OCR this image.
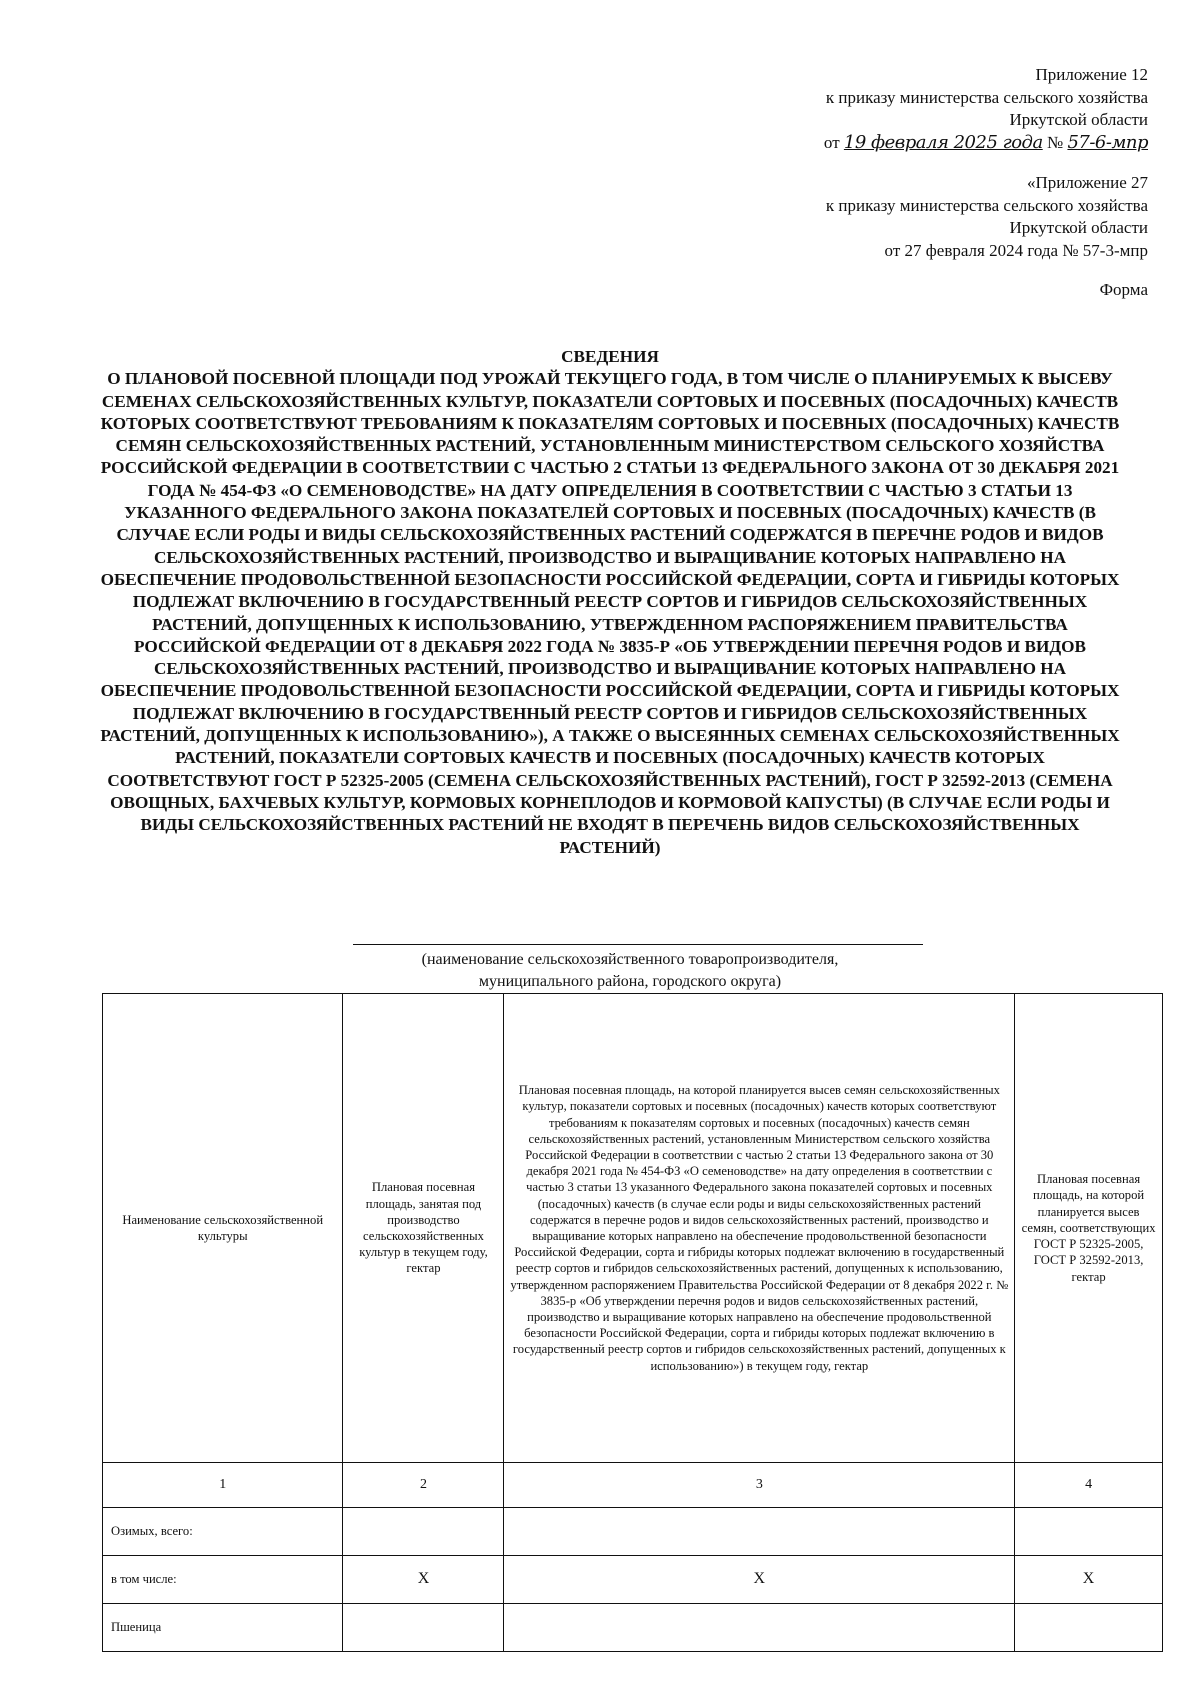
Приложение 12
к приказу министерства сельского хозяйства
Иркутской области
от 19 февраля 2025 года № 57-6-мпр
«Приложение 27
к приказу министерства сельского хозяйства
Иркутской области
от 27 февраля 2024 года № 57-3-мпр
Форма
СВЕДЕНИЯ
О ПЛАНОВОЙ ПОСЕВНОЙ ПЛОЩАДИ ПОД УРОЖАЙ ТЕКУЩЕГО ГОДА, В ТОМ ЧИСЛЕ О ПЛАНИРУЕМЫХ К ВЫСЕВУ СЕМЕНАХ СЕЛЬСКОХОЗЯЙСТВЕННЫХ КУЛЬТУР, ПОКАЗАТЕЛИ СОРТОВЫХ И ПОСЕВНЫХ (ПОСАДОЧНЫХ) КАЧЕСТВ КОТОРЫХ СООТВЕТСТВУЮТ ТРЕБОВАНИЯМ К ПОКАЗАТЕЛЯМ СОРТОВЫХ И ПОСЕВНЫХ (ПОСАДОЧНЫХ) КАЧЕСТВ СЕМЯН СЕЛЬСКОХОЗЯЙСТВЕННЫХ РАСТЕНИЙ, УСТАНОВЛЕННЫМ МИНИСТЕРСТВОМ СЕЛЬСКОГО ХОЗЯЙСТВА РОССИЙСКОЙ ФЕДЕРАЦИИ В СООТВЕТСТВИИ С ЧАСТЬЮ 2 СТАТЬИ 13 ФЕДЕРАЛЬНОГО ЗАКОНА ОТ 30 ДЕКАБРЯ 2021 ГОДА № 454-ФЗ «О СЕМЕНОВОДСТВЕ» НА ДАТУ ОПРЕДЕЛЕНИЯ В СООТВЕТСТВИИ С ЧАСТЬЮ 3 СТАТЬИ 13 УКАЗАННОГО ФЕДЕРАЛЬНОГО ЗАКОНА ПОКАЗАТЕЛЕЙ СОРТОВЫХ И ПОСЕВНЫХ (ПОСАДОЧНЫХ) КАЧЕСТВ (В СЛУЧАЕ ЕСЛИ РОДЫ И ВИДЫ СЕЛЬСКОХОЗЯЙСТВЕННЫХ РАСТЕНИЙ СОДЕРЖАТСЯ В ПЕРЕЧНЕ РОДОВ И ВИДОВ СЕЛЬСКОХОЗЯЙСТВЕННЫХ РАСТЕНИЙ, ПРОИЗВОДСТВО И ВЫРАЩИВАНИЕ КОТОРЫХ НАПРАВЛЕНО НА ОБЕСПЕЧЕНИЕ ПРОДОВОЛЬСТВЕННОЙ БЕЗОПАСНОСТИ РОССИЙСКОЙ ФЕДЕРАЦИИ, СОРТА И ГИБРИДЫ КОТОРЫХ ПОДЛЕЖАТ ВКЛЮЧЕНИЮ В ГОСУДАРСТВЕННЫЙ РЕЕСТР СОРТОВ И ГИБРИДОВ СЕЛЬСКОХОЗЯЙСТВЕННЫХ РАСТЕНИЙ, ДОПУЩЕННЫХ К ИСПОЛЬЗОВАНИЮ, УТВЕРЖДЕННОМ РАСПОРЯЖЕНИЕМ ПРАВИТЕЛЬСТВА РОССИЙСКОЙ ФЕДЕРАЦИИ ОТ 8 ДЕКАБРЯ 2022 ГОДА № 3835-Р «ОБ УТВЕРЖДЕНИИ ПЕРЕЧНЯ РОДОВ И ВИДОВ СЕЛЬСКОХОЗЯЙСТВЕННЫХ РАСТЕНИЙ, ПРОИЗВОДСТВО И ВЫРАЩИВАНИЕ КОТОРЫХ НАПРАВЛЕНО НА ОБЕСПЕЧЕНИЕ ПРОДОВОЛЬСТВЕННОЙ БЕЗОПАСНОСТИ РОССИЙСКОЙ ФЕДЕРАЦИИ, СОРТА И ГИБРИДЫ КОТОРЫХ ПОДЛЕЖАТ ВКЛЮЧЕНИЮ В ГОСУДАРСТВЕННЫЙ РЕЕСТР СОРТОВ И ГИБРИДОВ СЕЛЬСКОХОЗЯЙСТВЕННЫХ РАСТЕНИЙ, ДОПУЩЕННЫХ К ИСПОЛЬЗОВАНИЮ»), А ТАКЖЕ О ВЫСЕЯННЫХ СЕМЕНАХ СЕЛЬСКОХОЗЯЙСТВЕННЫХ РАСТЕНИЙ, ПОКАЗАТЕЛИ СОРТОВЫХ КАЧЕСТВ И ПОСЕВНЫХ (ПОСАДОЧНЫХ) КАЧЕСТВ КОТОРЫХ СООТВЕТСТВУЮТ ГОСТ Р 52325-2005 (СЕМЕНА СЕЛЬСКОХОЗЯЙСТВЕННЫХ РАСТЕНИЙ), ГОСТ Р 32592-2013 (СЕМЕНА ОВОЩНЫХ, БАХЧЕВЫХ КУЛЬТУР, КОРМОВЫХ КОРНЕПЛОДОВ И КОРМОВОЙ КАПУСТЫ) (В СЛУЧАЕ ЕСЛИ РОДЫ И ВИДЫ СЕЛЬСКОХОЗЯЙСТВЕННЫХ РАСТЕНИЙ НЕ ВХОДЯТ В ПЕРЕЧЕНЬ ВИДОВ СЕЛЬСКОХОЗЯЙСТВЕННЫХ РАСТЕНИЙ)
(наименование сельскохозяйственного товаропроизводителя,
муниципального района, городского округа)
Наименование сельскохозяйственной культуры	Плановая посевная площадь, занятая под производство сельскохозяйственных культур в текущем году, гектар	Плановая посевная площадь, на которой планируется высев семян сельскохозяйственных культур, показатели сортовых и посевных (посадочных) качеств которых соответствуют требованиям к показателям сортовых и посевных (посадочных) качеств семян сельскохозяйственных растений, установленным Министерством сельского хозяйства Российской Федерации в соответствии с частью 2 статьи 13 Федерального закона от 30 декабря 2021 года № 454-ФЗ «О семеноводстве» на дату определения в соответствии с частью 3 статьи 13 указанного Федерального закона показателей сортовых и посевных (посадочных) качеств (в случае если роды и виды сельскохозяйственных растений содержатся в перечне родов и видов сельскохозяйственных растений, производство и выращивание которых направлено на обеспечение продовольственной безопасности Российской Федерации, сорта и гибриды которых подлежат включению в государственный реестр сортов и гибридов сельскохозяйственных растений, допущенных к использованию, утвержденном распоряжением Правительства Российской Федерации от 8 декабря 2022 г. № 3835-р «Об утверждении перечня родов и видов сельскохозяйственных растений, производство и выращивание которых направлено на обеспечение продовольственной безопасности Российской Федерации, сорта и гибриды которых подлежат включению в государственный реестр сортов и гибридов сельскохозяйственных растений, допущенных к использованию») в текущем году, гектар	Плановая посевная площадь, на которой планируется высев семян, соответствующих ГОСТ Р 52325-2005, ГОСТ Р 32592-2013, гектар
1	2	3	4
Озимых, всего:			
в том числе:	X	X	X
Пшеница			
